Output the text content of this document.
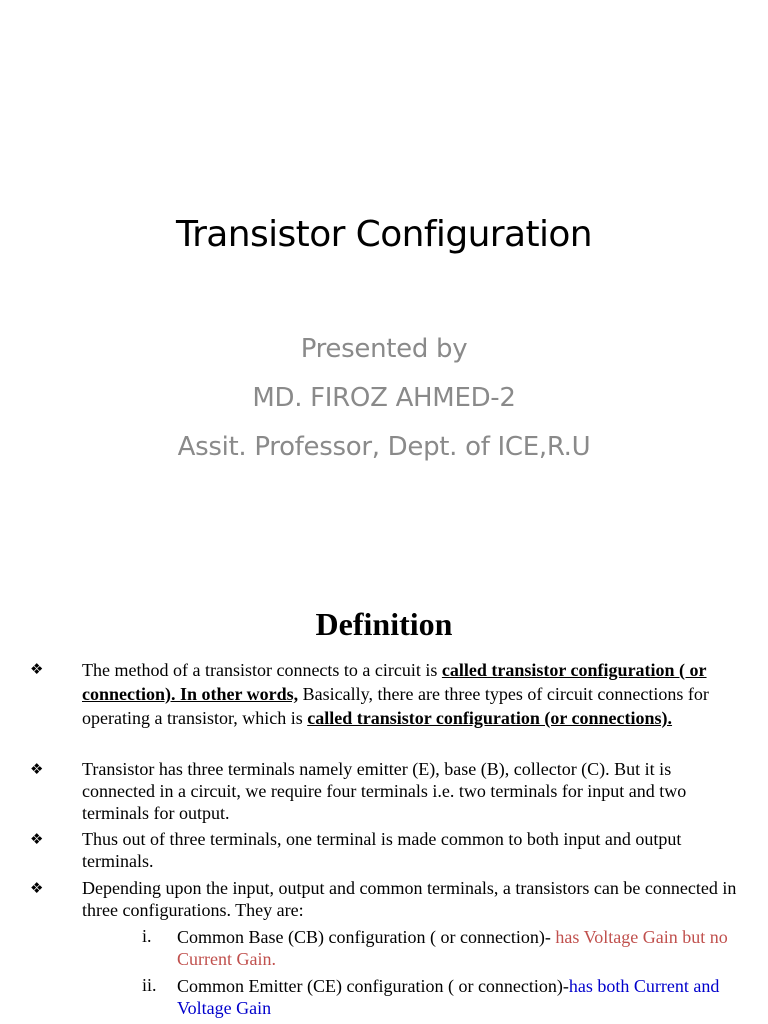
Transistor Configuration
Presented by
MD. FIROZ AHMED-2
Assit. Professor, Dept. of ICE,R.U
Definition
❖ The method of a transistor connects to a circuit is called transistor configuration ( or connection). In other words, Basically, there are three types of circuit connections for operating a transistor, which is called transistor configuration (or connections).
❖ Transistor has three terminals namely emitter (E), base (B), collector (C). But it is connected in a circuit, we require four terminals i.e. two terminals for input and two terminals for output.
❖ Thus out of three terminals, one terminal is made common to both input and output terminals.
❖ Depending upon the input, output and common terminals, a transistors can be connected in three configurations. They are:
i. Common Base (CB) configuration ( or connection)- has Voltage Gain but no Current Gain.
ii. Common Emitter (CE) configuration ( or connection)-has both Current and Voltage Gain
